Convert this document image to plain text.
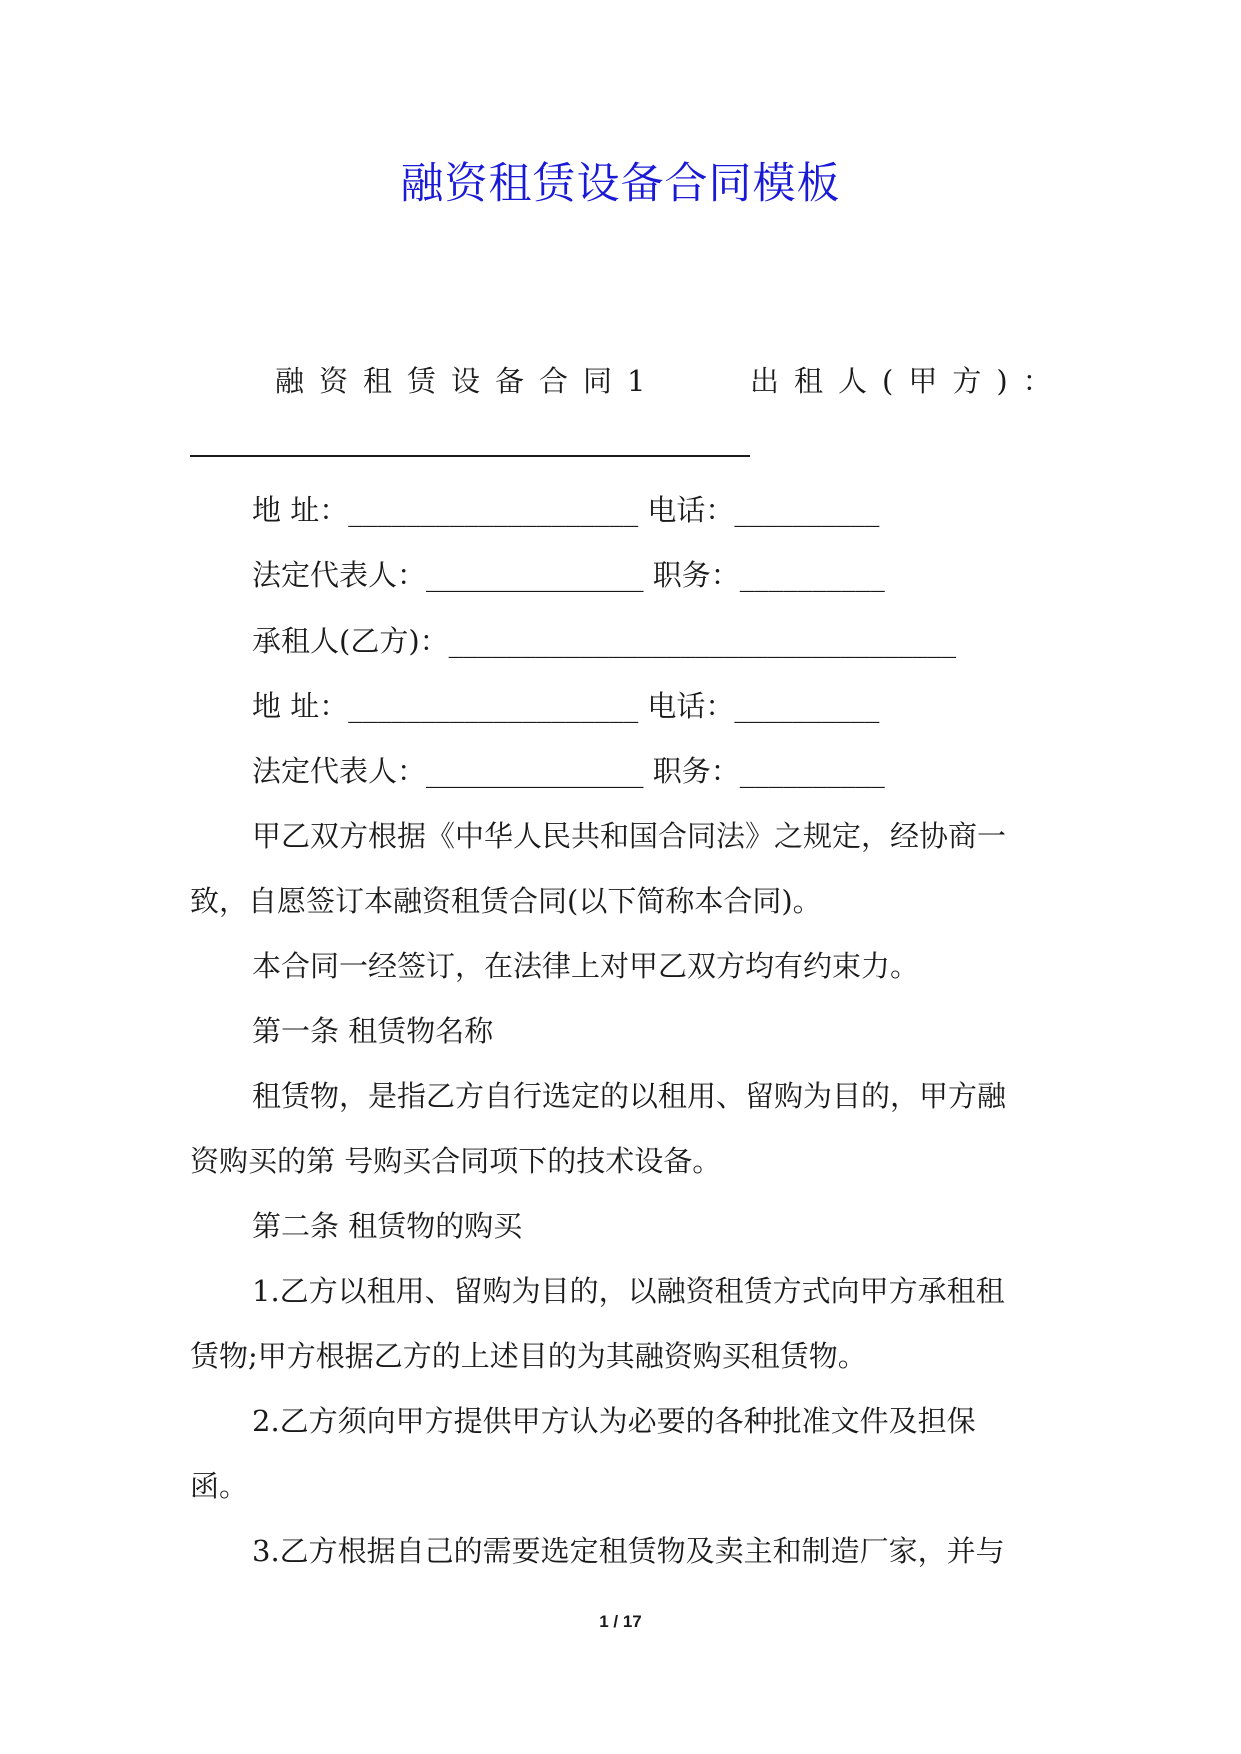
融资租赁设备合同模板
融资租赁设备合同1	出租人(甲方)：
地 址：____________________ 电话：__________
法定代表人：_______________ 职务：__________
承租人(乙方)：___________________________________
地 址：____________________ 电话：__________
法定代表人：_______________ 职务：__________
甲乙双方根据《中华人民共和国合同法》之规定，经协商一
致，自愿签订本融资租赁合同(以下简称本合同)。
本合同一经签订，在法律上对甲乙双方均有约束力。
第一条 租赁物名称
租赁物，是指乙方自行选定的以租用、留购为目的，甲方融
资购买的第 号购买合同项下的技术设备。
第二条 租赁物的购买
1.乙方以租用、留购为目的，以融资租赁方式向甲方承租租
赁物;甲方根据乙方的上述目的为其融资购买租赁物。
2.乙方须向甲方提供甲方认为必要的各种批准文件及担保
函。
3.乙方根据自己的需要选定租赁物及卖主和制造厂家，并与
1 / 17
